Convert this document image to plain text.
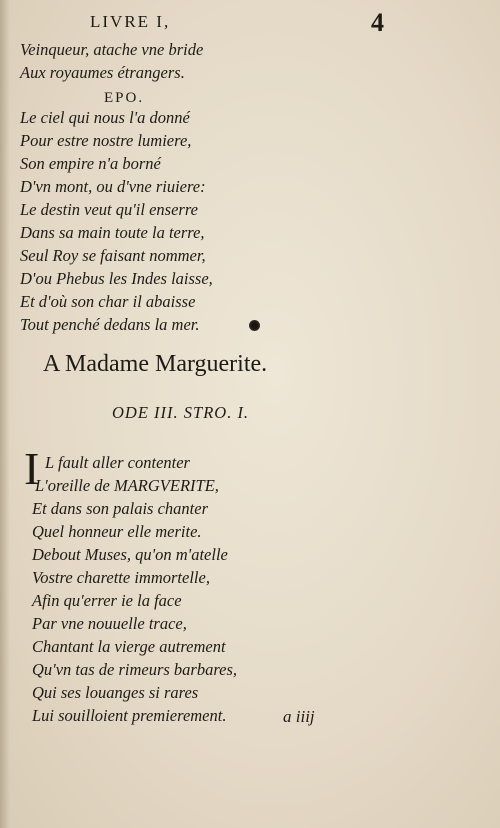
LIVRE I,	4
Veinqueur, atache vne bride
Aux royaumes étrangers.
EPO.
Le ciel qui nous l'a donné
Pour estre nostre lumiere,
Son empire n'a borné
D'vn mont, ou d'vne riuiere:
Le destin veut qu'il enserre
Dans sa main toute la terre,
Seul Roy se faisant nommer,
D'ou Phebus les Indes laisse,
Et d'où son char il abaisse
Tout penché dedans la mer.
A Madame Marguerite.
ODE III. STRO. I.
I L fault aller contenter
L'oreille de MARGVERITE,
Et dans son palais chanter
Quel honneur elle merite.
Debout Muses, qu'on m'atelle
Vostre charette immortelle,
Afin qu'errer ie la face
Par vne nouuelle trace,
Chantant la vierge autrement
Qu'vn tas de rimeurs barbares,
Qui ses louanges si rares
Lui souilloient premierement.	a iiij
